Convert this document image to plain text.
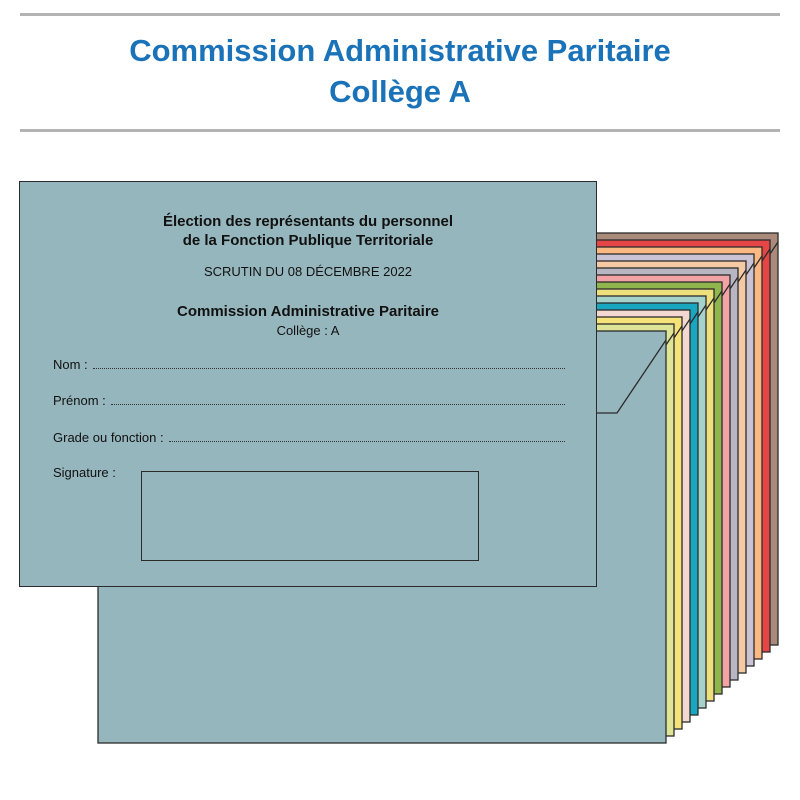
Commission Administrative Paritaire
Collège A
Élection des représentants du personnel
de la Fonction Publique Territoriale
SCRUTIN DU 08 DÉCEMBRE 2022
Commission Administrative Paritaire
Collège : A
Nom :
Prénom :
Grade ou fonction :
Signature :
